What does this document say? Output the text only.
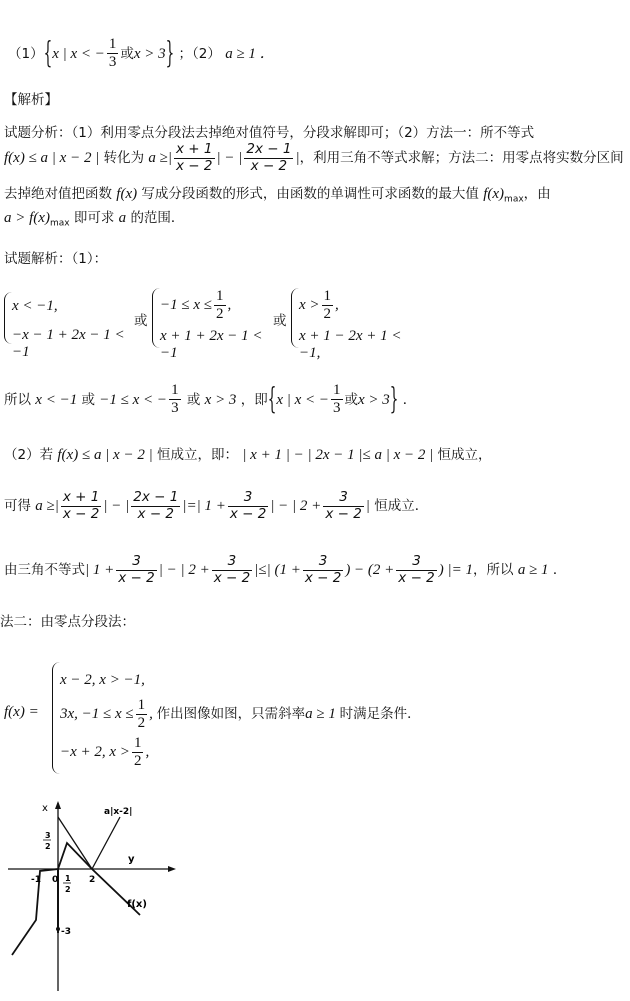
（1）{x | x < − $\frac{1}{3}$ 或x > 3} ；（2） a ≥ 1 ．
【解析】
试题分析：（1）利用零点分段法去掉绝对值符号，分段求解即可；（2）方法一：所不等式
f(x) ≤ a | x − 2 | 转化为 a ≥| $\frac{x + 1}{x - 2}$ | − | $\frac{2x - 1}{x - 2}$ |，利用三角不等式求解；方法二：用零点将实数分区间
去掉绝对值把函数 f(x) 写成分段函数的形式，由函数的单调性可求函数的最大值 $f(x)_{max}$，由
$a > f(x)_{max}$ 即可求 a 的范围．
试题解析：（1）：
x < −1,
−x − 1 + 2x − 1 < −1
或
$-1 \le x \le \frac{1}{2}$ ,
x + 1 + 2x − 1 < −1
或
$x > \frac{1}{2}$ ,
x + 1 − 2x + 1 < −1,
所以 x < −1 或 −1 ≤ x < − $\frac{1}{3}$ 或 x > 3 ，即{x | x < − $\frac{1}{3}$ 或x > 3} ．
（2）若 f(x) ≤ a | x − 2 | 恒成立，即： | x + 1 | − | 2x − 1 |≤ a | x − 2 | 恒成立，
可得 a ≥| $\frac{x + 1}{x - 2}$ | − | $\frac{2x - 1}{x - 2}$ |=| $1 + \frac{3}{x - 2}$ | − | $2 + \frac{3}{x - 2}$ | 恒成立．
由三角不等式| $1 + \frac{3}{x - 2}$ | − | $2 + \frac{3}{x - 2}$ |≤| ($1 + \frac{3}{x - 2}$ ) − ($2 + \frac{3}{x - 2}$ ) |= 1，所以 a ≥ 1 ．
法二：由零点分段法：
f(x) =
x − 2, x > −1,
3x, $-1 \le x \le \frac{1}{2}$ , 作出图像如图，只需斜率a ≥ 1 时满足条件．
−x + 2, $x > \frac{1}{2}$ ,
x
y
a|x-2|
f(x)
-1 0	2
1
2
3
2
-3
